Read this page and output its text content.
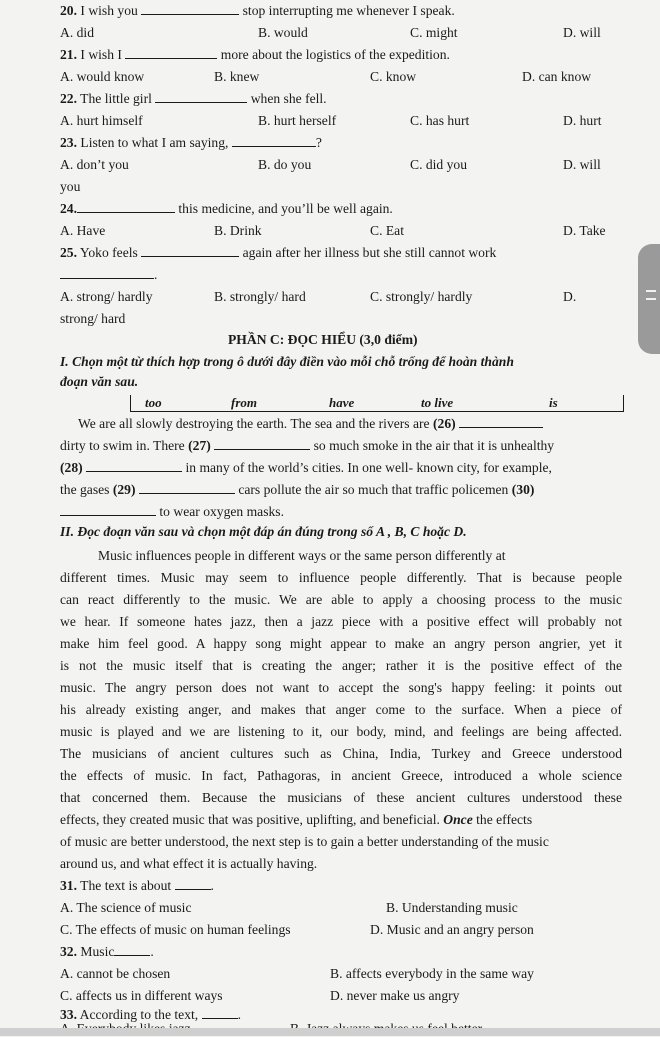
20. I wish you	stop interrupting me whenever I speak.
A. did	B. would	C. might	D. will
21. I wish I	more about the logistics of the expedition.
A. would know	B. knew	C. know	D. can know
22. The little girl	when she fell.
A. hurt himself	B. hurt herself	C. has hurt	D. hurt
23. Listen to what I am saying,	?
A. don’t you	B. do you	C. did you	D. will
you
24.	this medicine, and you’ll be well again.
A. Have	B. Drink	C. Eat	D. Take
25. Yoko feels	again after her illness but she still cannot work
.
A. strong/ hardly	B. strongly/ hard	C. strongly/ hardly	D.
strong/ hard
PHẦN C: ĐỌC HIỂU (3,0 điểm)
I. Chọn một từ thích hợp trong ô dưới đây điền vào mỗi chỗ trống để hoàn thành
đoạn văn sau.
too	from	have	to live	is
We are all slowly destroying the earth. The sea and the rivers are (26)
dirty to swim in. There (27)	so much smoke in the air that it is unhealthy
(28)	in many of the world’s cities. In one well- known city, for example,
the gases (29)	cars pollute the air so much that traffic policemen (30)
to wear oxygen masks.
II. Đọc đoạn văn sau và chọn một đáp án đúng trong số A , B, C hoặc D.
Music influences people in different ways or the same person differently at
different times. Music may seem to influence people differently. That is because people
can react differently to the music. We are able to apply a choosing process to the music
we hear. If someone hates jazz, then a jazz piece with a positive effect will probably not
make him feel good. A happy song might appear to make an angry person angrier, yet it
is not the music itself that is creating the anger; rather it is the positive effect of the
music. The angry person does not want to accept the song's happy feeling: it points out
his already existing anger, and makes that anger come to the surface. When a piece of
music is played and we are listening to it, our body, mind, and feelings are being affected.
The musicians of ancient cultures such as China, India, Turkey and Greece understood
the effects of music. In fact, Pathagoras, in ancient Greece, introduced a whole science
that concerned them. Because the musicians of these ancient cultures understood these
effects, they created music that was positive, uplifting, and beneficial. Once the effects
of music are better understood, the next step is to gain a better understanding of the music
around us, and what effect it is actually having.
31. The text is about	.
A. The science of music	B. Understanding music
C. The effects of music on human feelings	D. Music and an angry person
32. Music	.
A. cannot be chosen	B. affects everybody in the same way
C. affects us in different ways	D. never make us angry
33. According to the text,	.
